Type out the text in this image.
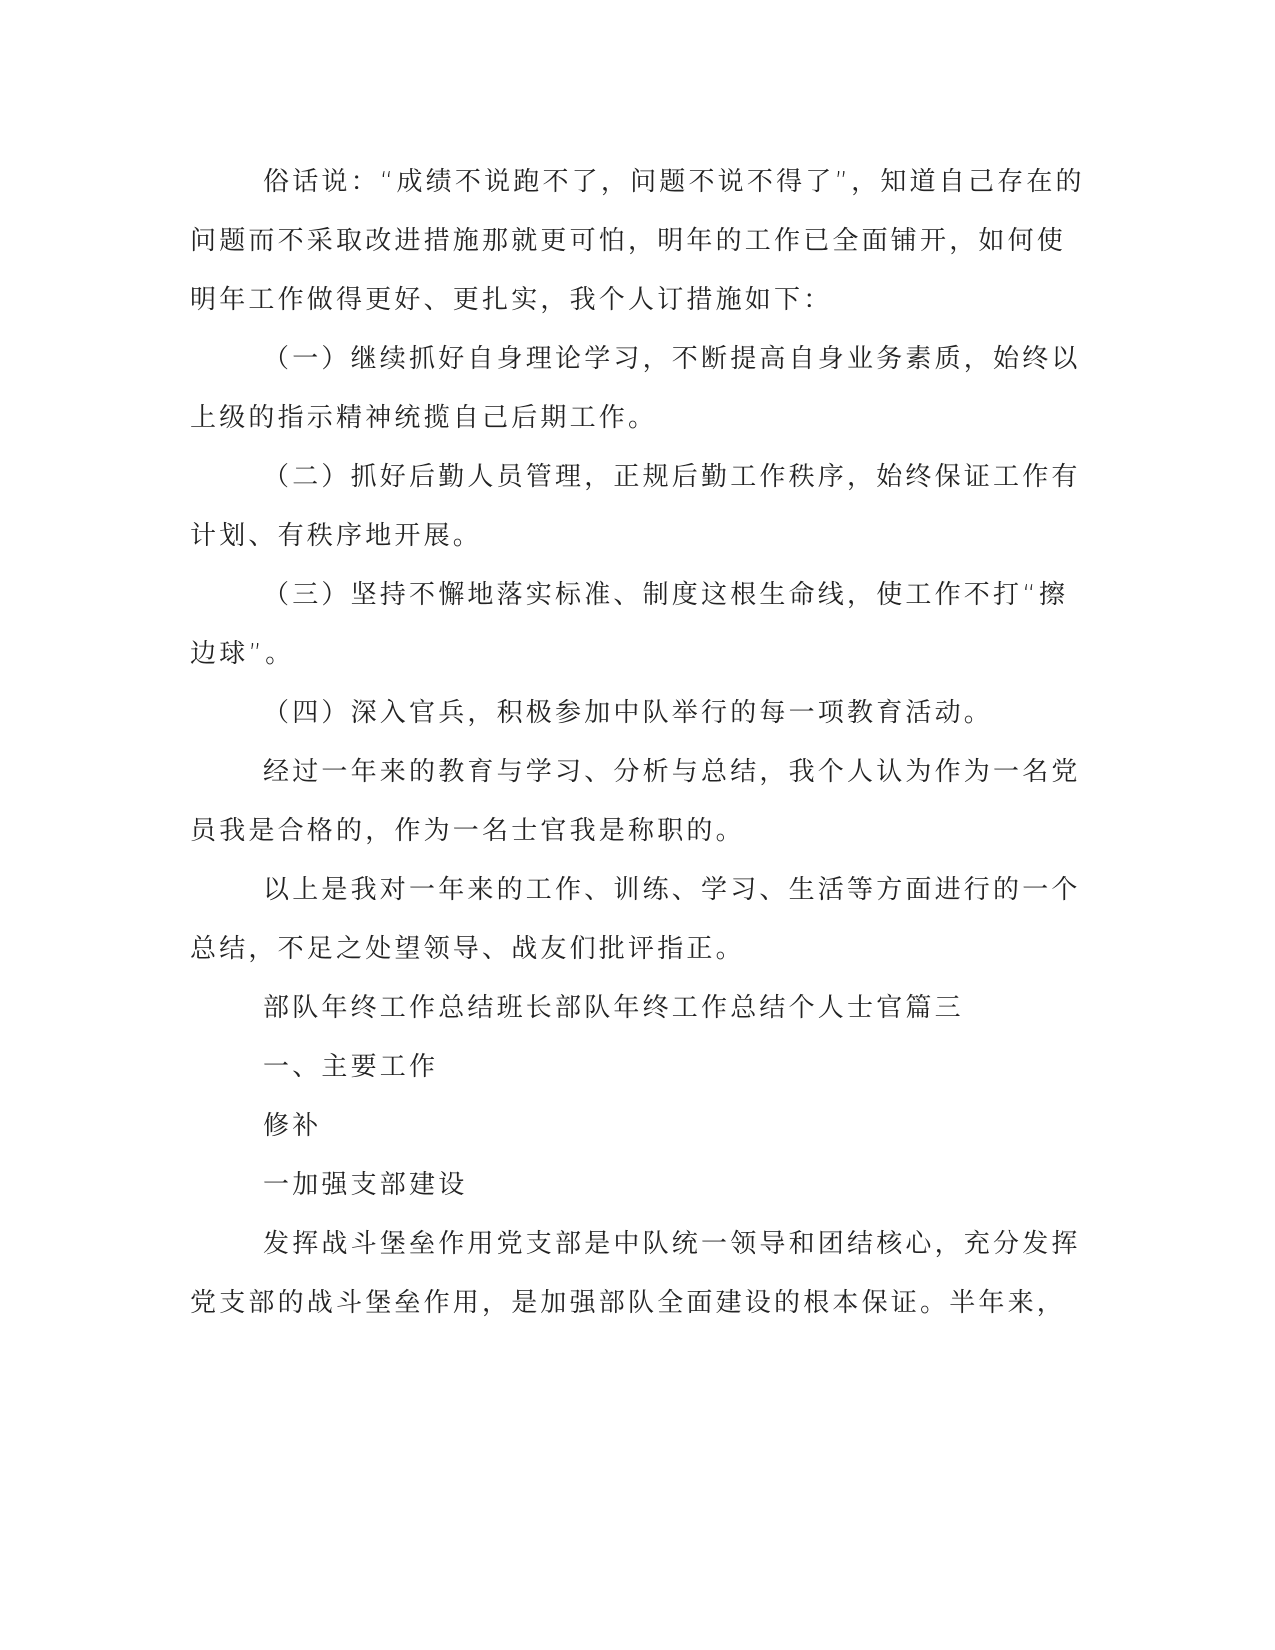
俗话说：“成绩不说跑不了，问题不说不得了”，知道自己存在的
问题而不采取改进措施那就更可怕，明年的工作已全面铺开，如何使
明年工作做得更好、更扎实，我个人订措施如下：
（一）继续抓好自身理论学习，不断提高自身业务素质，始终以
上级的指示精神统揽自己后期工作。
（二）抓好后勤人员管理，正规后勤工作秩序，始终保证工作有
计划、有秩序地开展。
（三）坚持不懈地落实标准、制度这根生命线，使工作不打“擦
边球”。
（四）深入官兵，积极参加中队举行的每一项教育活动。
经过一年来的教育与学习、分析与总结，我个人认为作为一名党
员我是合格的，作为一名士官我是称职的。
以上是我对一年来的工作、训练、学习、生活等方面进行的一个
总结，不足之处望领导、战友们批评指正。
部队年终工作总结班长部队年终工作总结个人士官篇三
一、主要工作
修补
一加强支部建设
发挥战斗堡垒作用党支部是中队统一领导和团结核心，充分发挥
党支部的战斗堡垒作用，是加强部队全面建设的根本保证。半年来，
